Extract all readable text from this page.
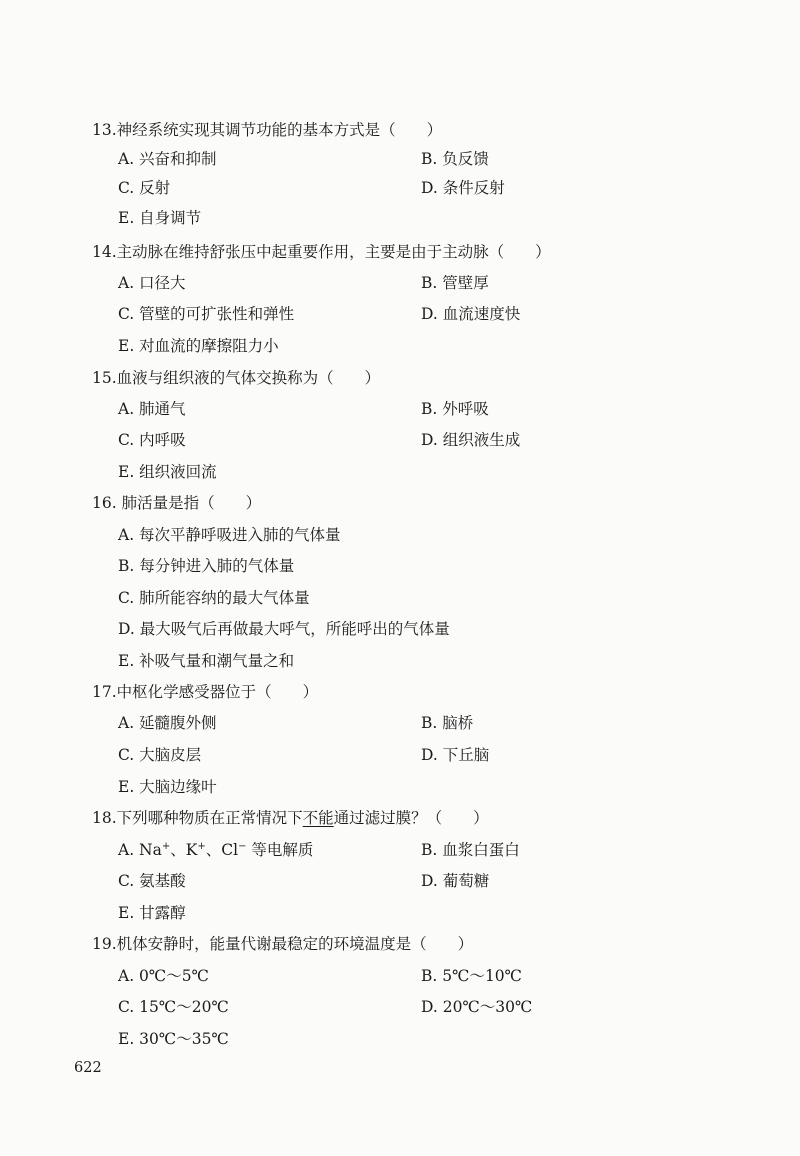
13.神经系统实现其调节功能的基本方式是（　　）
A. 兴奋和抑制	B. 负反馈
C. 反射	D. 条件反射
E. 自身调节
14.主动脉在维持舒张压中起重要作用，主要是由于主动脉（　　）
A. 口径大	B. 管壁厚
C. 管壁的可扩张性和弹性	D. 血流速度快
E. 对血流的摩擦阻力小
15.血液与组织液的气体交换称为（　　）
A. 肺通气	B. 外呼吸
C. 内呼吸	D. 组织液生成
E. 组织液回流
16. 肺活量是指（　　）
A. 每次平静呼吸进入肺的气体量
B. 每分钟进入肺的气体量
C. 肺所能容纳的最大气体量
D. 最大吸气后再做最大呼气，所能呼出的气体量
E. 补吸气量和潮气量之和
17.中枢化学感受器位于（　　）
A. 延髓腹外侧	B. 脑桥
C. 大脑皮层	D. 下丘脑
E. 大脑边缘叶
18.下列哪种物质在正常情况下不能通过滤过膜？（　　）
A. Na+、K+、Cl− 等电解质	B. 血浆白蛋白
C. 氨基酸	D. 葡萄糖
E. 甘露醇
19.机体安静时，能量代谢最稳定的环境温度是（　　）
A. 0℃～5℃	B. 5℃～10℃
C. 15℃～20℃	D. 20℃～30℃
E. 30℃～35℃
622
